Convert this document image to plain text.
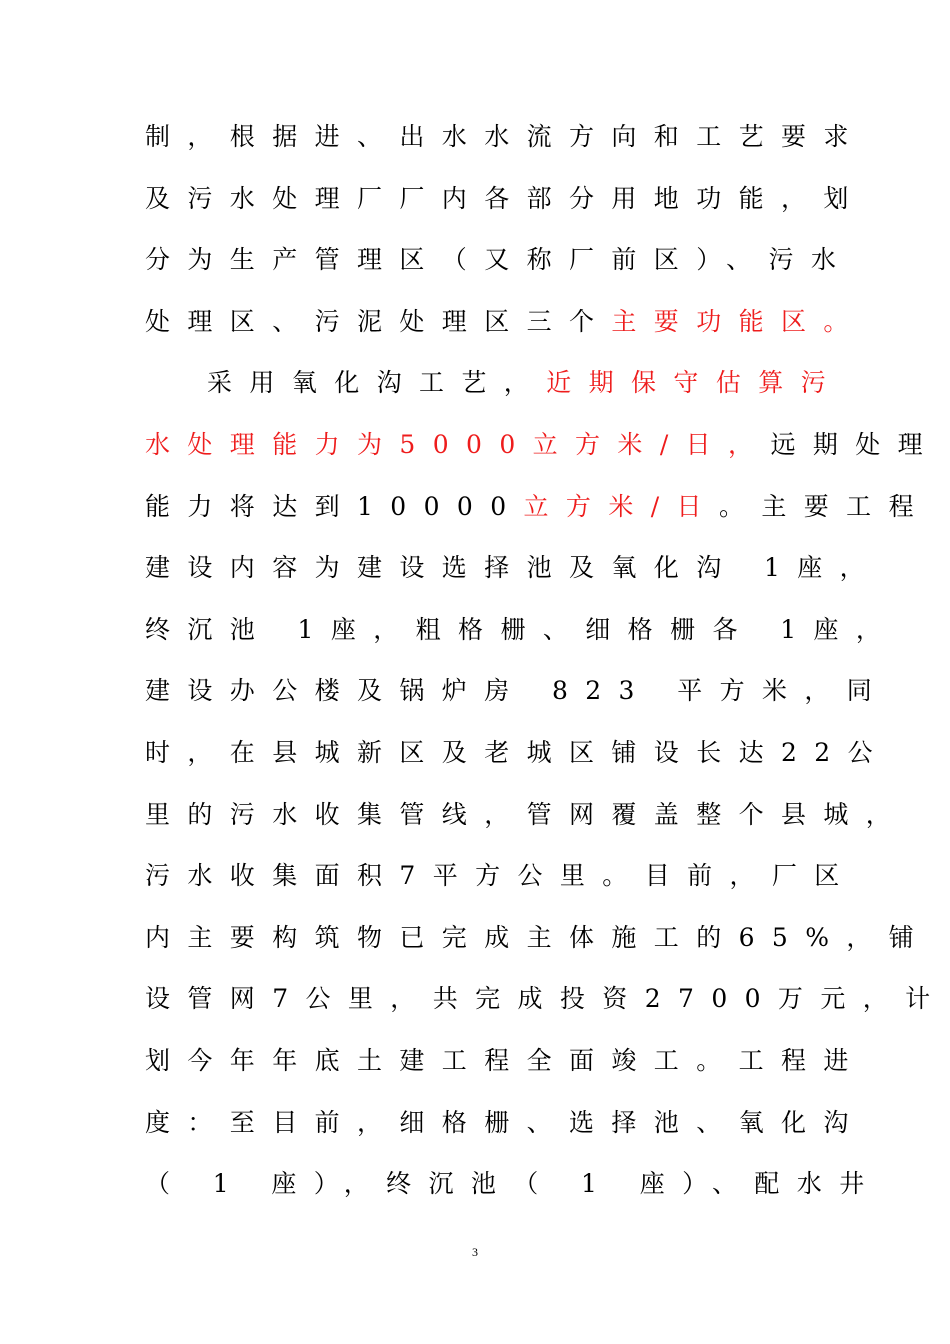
制，根据进、出水水流方向和工艺要求
及污水处理厂厂内各部分用地功能，划
分为生产管理区（又称厂前区）、污水
处理区、污泥处理区三个主要功能区。
采用氧化沟工艺，近期保守估算污
水处理能力为5000立方米/日，远期处理
能力将达到10000立方米/日。主要工程
建设内容为建设选择池及氧化沟 1座，
终沉池 1座，粗格栅、细格栅各 1座，
建设办公楼及锅炉房 823 平方米，同
时，在县城新区及老城区铺设长达22公
里的污水收集管线，管网覆盖整个县城，
污水收集面积7平方公里。目前，厂区
内主要构筑物已完成主体施工的65%，铺
设管网7公里，共完成投资2700万元，计
划今年年底土建工程全面竣工。工程进
度：至目前，细格栅、选择池、氧化沟
（ 1 座），终沉池（ 1 座）、配水井
3
